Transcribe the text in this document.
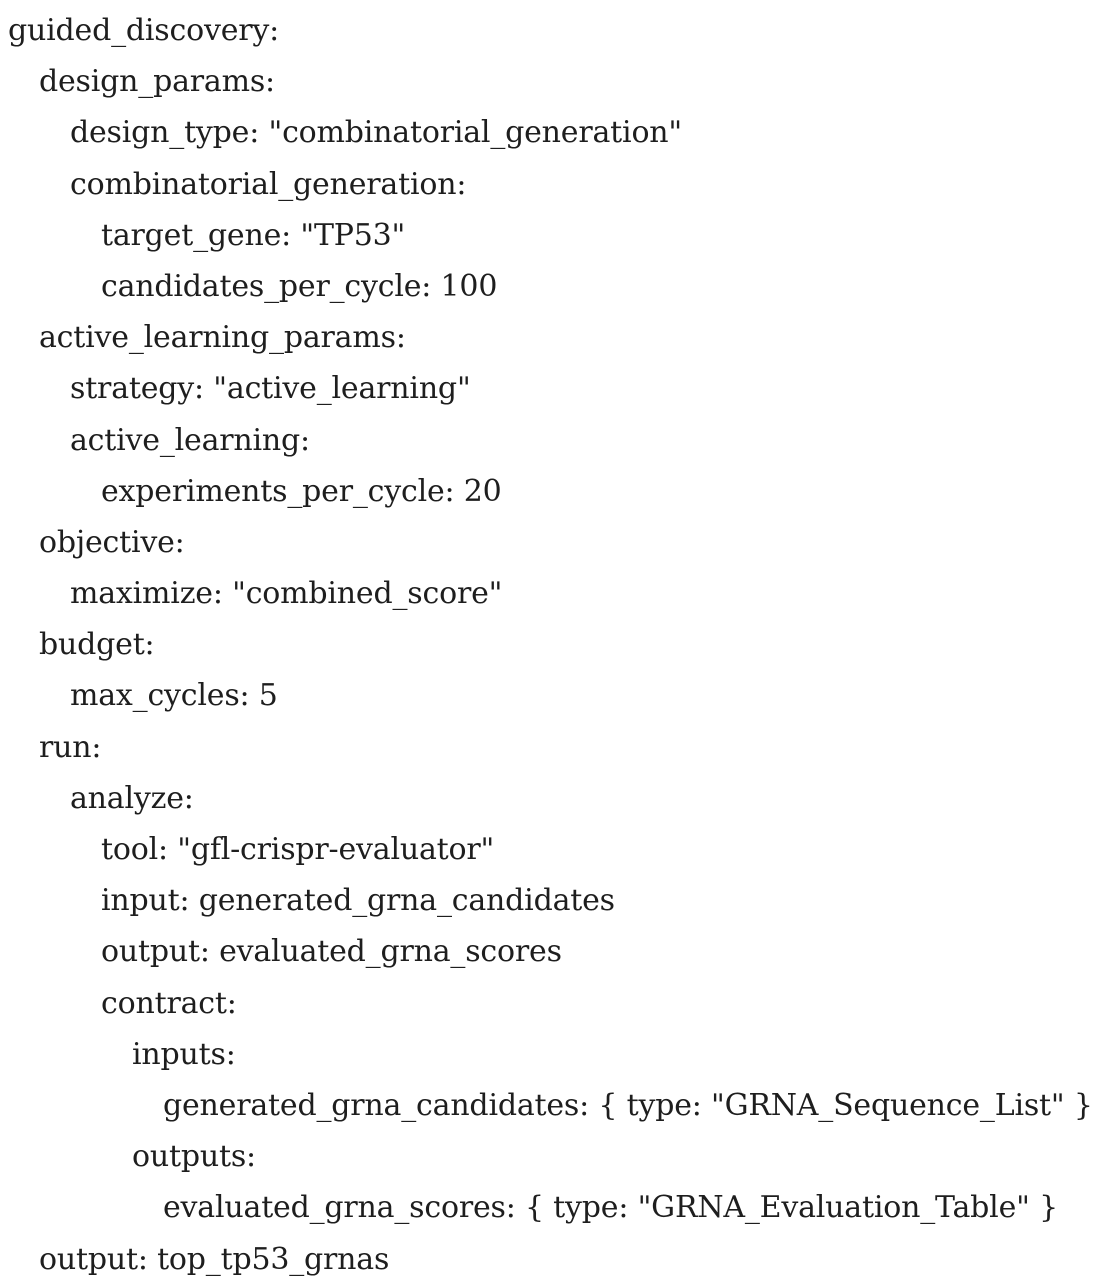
guided_discovery:
design_params:
design_type: "combinatorial_generation"
combinatorial_generation:
target_gene: "TP53"
candidates_per_cycle: 100
active_learning_params:
strategy: "active_learning"
active_learning:
experiments_per_cycle: 20
objective:
maximize: "combined_score"
budget:
max_cycles: 5
run:
analyze:
tool: "gfl-crispr-evaluator"
input: generated_grna_candidates
output: evaluated_grna_scores
contract:
inputs:
generated_grna_candidates: { type: "GRNA_Sequence_List" }
outputs:
evaluated_grna_scores: { type: "GRNA_Evaluation_Table" }
output: top_tp53_grnas
